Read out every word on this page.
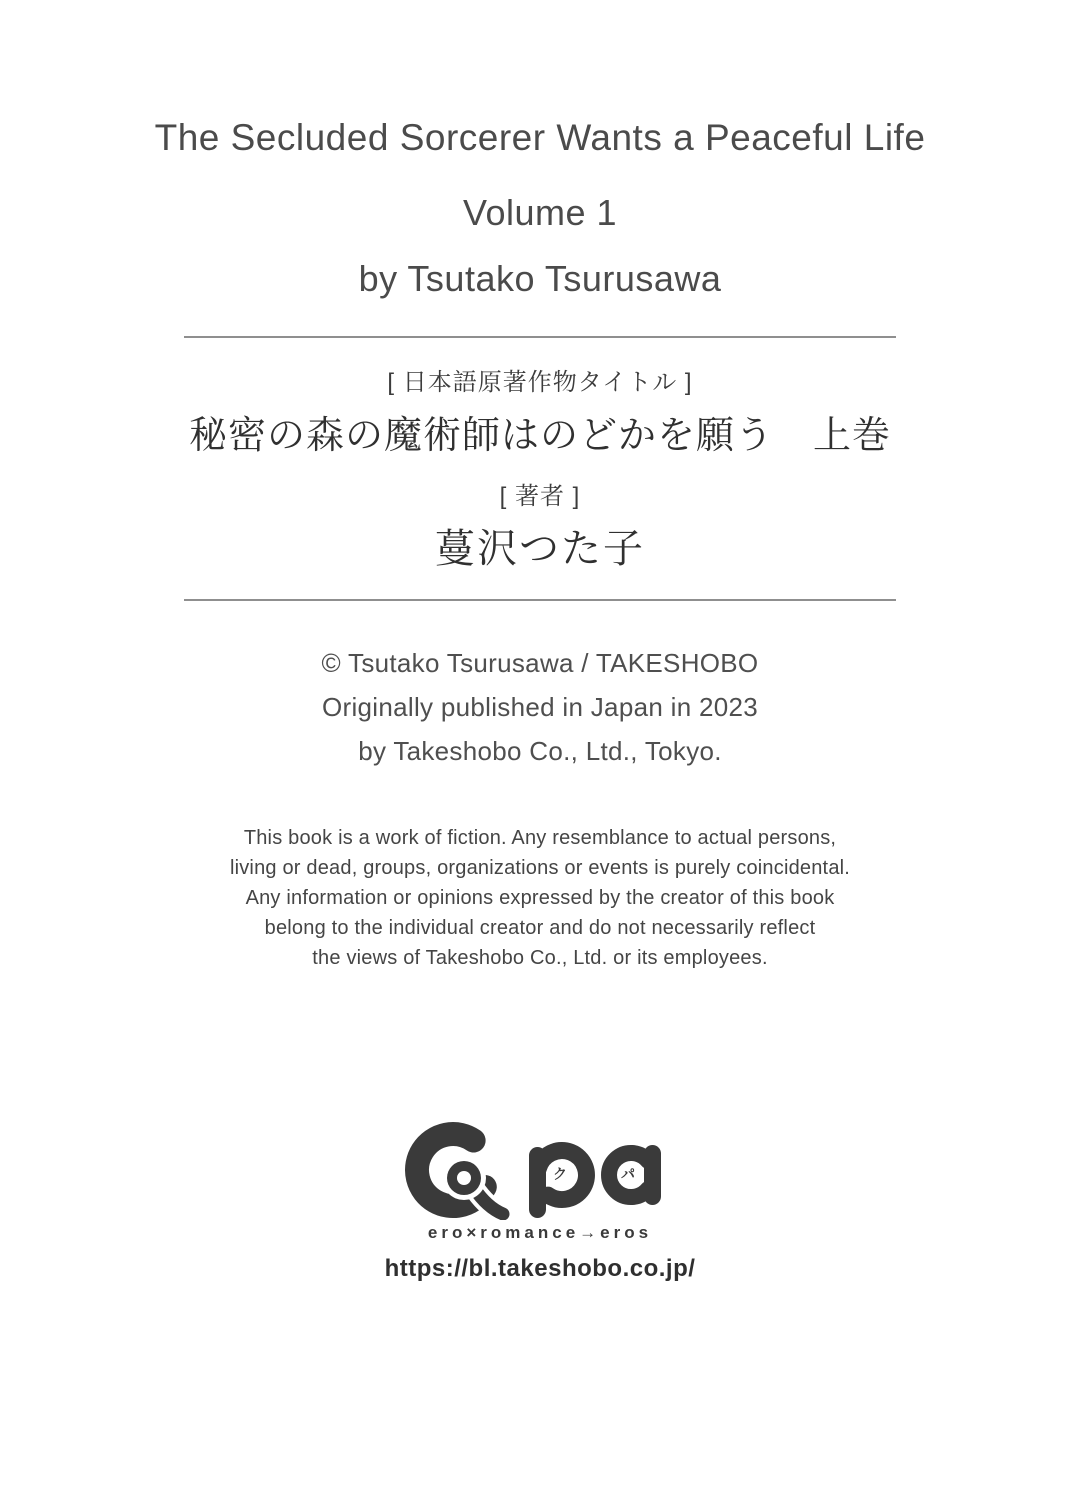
The Secluded Sorcerer Wants a Peaceful Life
Volume 1
by Tsutako Tsurusawa
[ 日本語原著作物タイトル ]
秘密の森の魔術師はのどかを願う　上巻
[ 著者 ]
蔓沢つた子
© Tsutako Tsurusawa / TAKESHOBO
Originally published in Japan in 2023
by Takeshobo Co., Ltd., Tokyo.
This book is a work of fiction. Any resemblance to actual persons,
living or dead, groups, organizations or events is purely coincidental.
Any information or opinions expressed by the creator of this book
belong to the individual creator and do not necessarily reflect
the views of Takeshobo Co., Ltd. or its employees.
ク	パ
ero×romance→eros
https://bl.takeshobo.co.jp/
